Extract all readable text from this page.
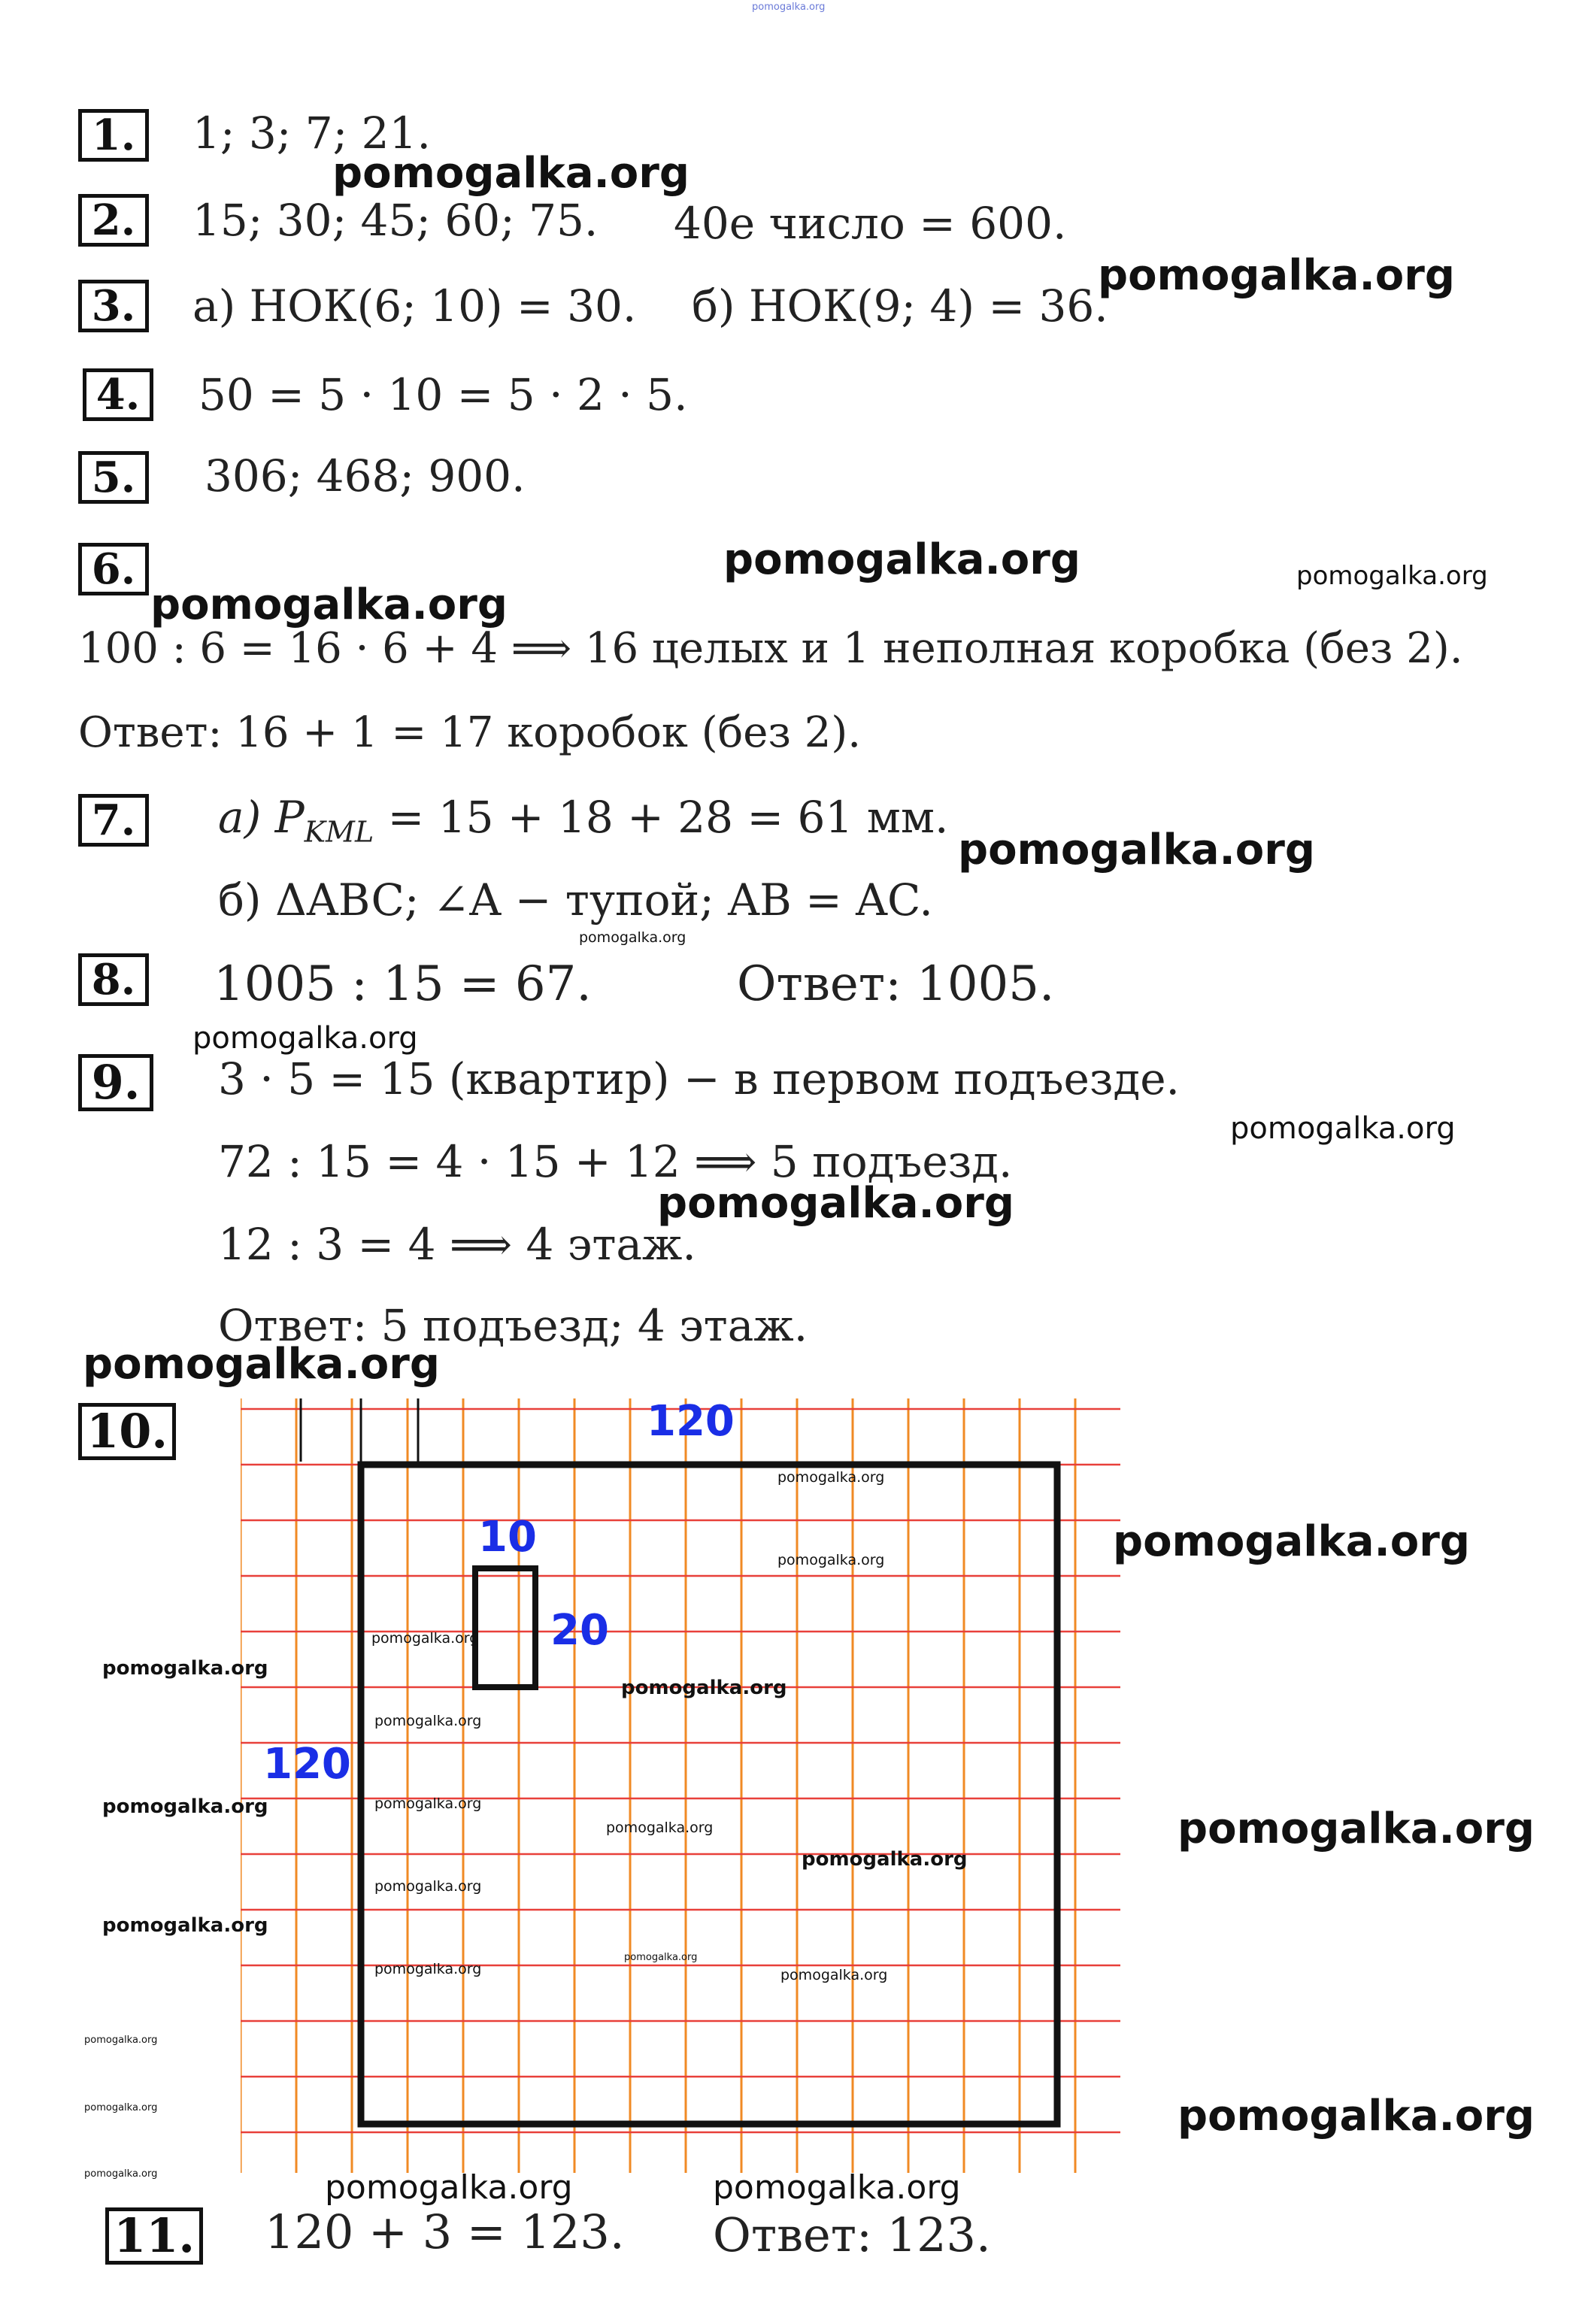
pomogalka.org
1.	1; 3; 7; 21.
2.	15; 30; 45; 60; 75. 40е число = 600.
3.	а) НОК(6; 10) = 30. б) НОК(9; 4) = 36.
4.	50 = 5 · 10 = 5 · 2 · 5.
5.	306; 468; 900.
6.
100 : 6 = 16 · 6 + 4 ⟹ 16 целых и 1 неполная коробка (без 2).
Ответ: 16 + 1 = 17 коробок (без 2).
7.	а) $P_{KML} = 15 + 18 + 28 = 61$ мм.
б) ΔABC; ∠A − тупой; AB = AC.
8. 1005 : 15 = 67.	Ответ: 1005.
9.	3 · 5 = 15 (квартир) − в первом подъезде.
72 : 15 = 4 · 15 + 12 ⟹ 5 подъезд.
12 : 3 = 4 ⟹ 4 этаж.
Ответ: 5 подъезд; 4 этаж.
10.	120
120
10
20
11. 120 + 3 = 123. Ответ: 123.
pomogalka.org
pomogalka.org
pomogalka.org	pomogalka.org
pomogalka.org
pomogalka.org
pomogalka.org
pomogalka.org
pomogalka.org
pomogalka.org
pomogalka.org
pomogalka.org
pomogalka.org
pomogalka.org
pomogalka.org	pomogalka.org
pomogalka.org
pomogalka.org
pomogalka.org
pomogalka.org
pomogalka.org
pomogalka.org
pomogalka.org
pomogalka.org
pomogalka.org
pomogalka.org
pomogalka.org
pomogalka.org
pomogalka.org
pomogalka.org
pomogalka.org
pomogalka.org
pomogalka.org
pomogalka.org
